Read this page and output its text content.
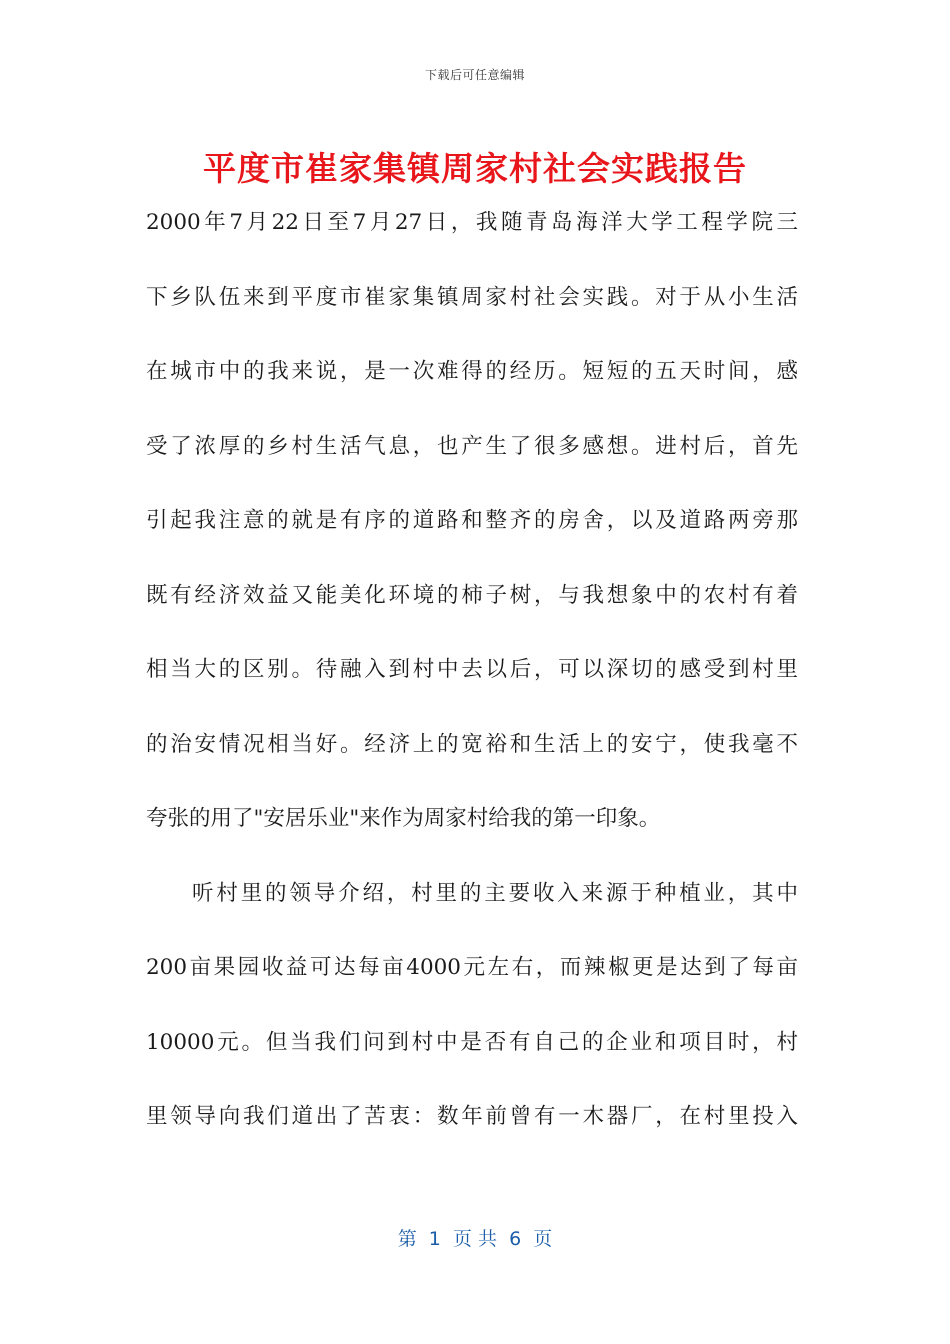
下载后可任意编辑
平度市崔家集镇周家村社会实践报告
2000年7月22日至7月27日，我随青岛海洋大学工程学院三
下乡队伍来到平度市崔家集镇周家村社会实践。对于从小生活
在城市中的我来说，是一次难得的经历。短短的五天时间，感
受了浓厚的乡村生活气息，也产生了很多感想。进村后，首先
引起我注意的就是有序的道路和整齐的房舍，以及道路两旁那
既有经济效益又能美化环境的柿子树，与我想象中的农村有着
相当大的区别。待融入到村中去以后，可以深切的感受到村里
的治安情况相当好。经济上的宽裕和生活上的安宁，使我毫不
夸张的用了"安居乐业"来作为周家村给我的第一印象。
听村里的领导介绍，村里的主要收入来源于种植业，其中
200亩果园收益可达每亩4000元左右，而辣椒更是达到了每亩
10000元。但当我们问到村中是否有自己的企业和项目时，村
里领导向我们道出了苦衷：数年前曾有一木器厂，在村里投入
第  1  页 共  6  页
